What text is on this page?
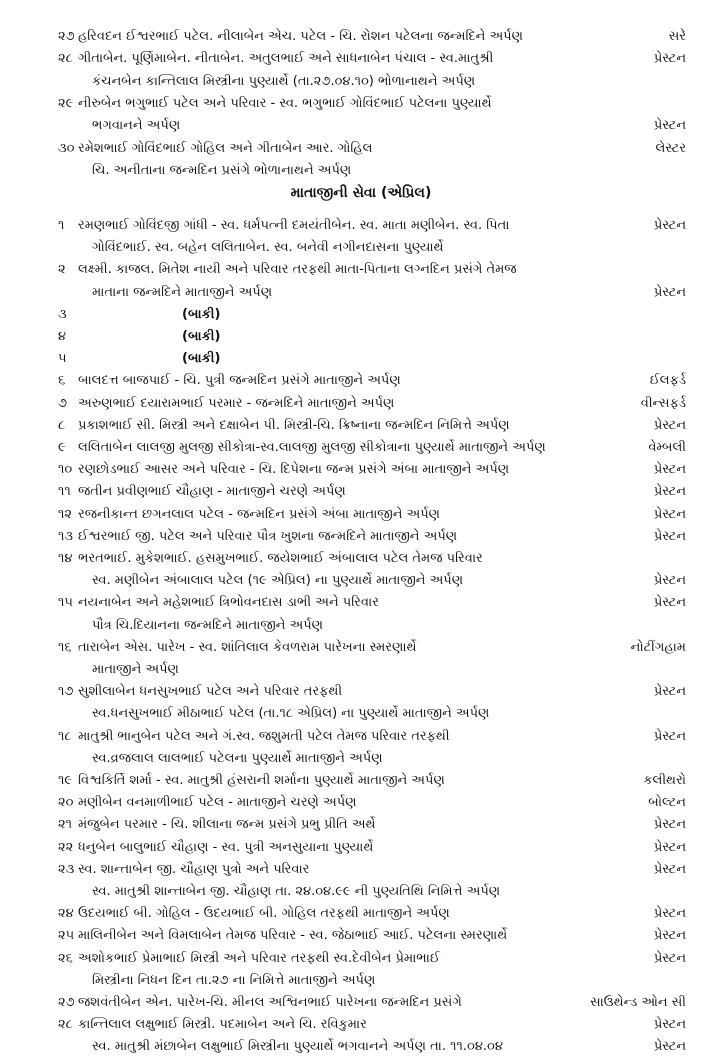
૨૭ હરિવદન ઈશ્વરભાઈ પટેલ. નીલાબેન એચ. પટેલ - ચિ. રોશન પટેલના જન્મદિને અર્પણ	સરે
૨૮ ગીતાબેન. પૂર્ણિમાબેન. નીતાબેન. અતુલભાઈ અને સાધનાબેન પંચાલ - સ્વ.માતુશ્રી	પ્રેસ્ટન
કંચનબેન કાન્તિલાલ મિસ્ત્રીના પુણ્યાર્થે (તા.૨૭.૦૪.૧૦) ભોળાનાથને અર્પણ
૨૯ નીરુબેન ભગુભાઈ પટેલ અને પરિવાર - સ્વ. ભગુભાઈ ગોવિંદભાઈ પટેલના પુણ્યાર્થે
ભગવાનને અર્પણ	પ્રેસ્ટન
૩૦ રમેશભાઈ ગોવિંદભાઈ ગોહિલ અને ગીતાબેન આર. ગોહિલ	લેસ્ટર
ચિ. અનીતાના જન્મદિન પ્રસંગે ભોળાનાથને અર્પણ
માતાજીની સેવા (એપ્રિલ)
૧ રમણભાઈ ગોવિંદજી ગાંધી - સ્વ. ધર્મપત્ની દમયંતીબેન. સ્વ. માતા મણીબેન. સ્વ. પિતા	પ્રેસ્ટન
ગોવિંદભાઈ. સ્વ. બહેન લલિતાબેન. સ્વ. બનેવી નગીનદાસના પુણ્યાર્થે
૨ લક્ષ્મી. કાજલ. મિતેશ નાયી અને પરિવાર તરફથી માતા-પિતાના લગ્નદિન પ્રસંગે તેમજ
માતાના જન્મદિને માતાજીને અર્પણ	પ્રેસ્ટન
૩	(બાકી)
૪	(બાકી)
૫	(બાકી)
૬ બાલદત્ત બાજપાઈ - ચિ. પુત્રી જન્મદિન પ્રસંગે માતાજીને અર્પણ	ઈલફર્ડ
૭ અરુણભાઈ દયારામભાઈ પરમાર - જન્મદિને માતાજીને અર્પણ	વીન્સફર્ડ
૮ પ્રકાશભાઈ સી. મિસ્ત્રી અને દક્ષાબેન પી. મિસ્ત્રી-ચિ. ક્રિષ્નાના જન્મદિન નિમિત્તે અર્પણ	પ્રેસ્ટન
૯ લલિતાબેન લાલજી મુલજી સીકોત્રા-સ્વ.લાલજી મુલજી સીકોત્રાના પુણ્યાર્થે માતાજીને અર્પણ	વેમ્બલી
૧૦ રણછોડભાઈ આસર અને પરિવાર - ચિ. દિપેશના જન્મ પ્રસંગે અંબા માતાજીને અર્પણ	પ્રેસ્ટન
૧૧ જતીન પ્રવીણભાઈ ચૌહાણ - માતાજીને ચરણે અર્પણ	પ્રેસ્ટન
૧૨ રજનીકાન્ત છગનલાલ પટેલ - જન્મદિન પ્રસંગે અંબા માતાજીને અર્પણ	પ્રેસ્ટન
૧૩ ઈશ્વરભાઈ જી. પટેલ અને પરિવાર પૌત્ર ખુશના જન્મદિને માતાજીને અર્પણ	પ્રેસ્ટન
૧૪ ભરતભાઈ. મુકેશભાઈ. હસમુખભાઈ. જયેશભાઈ અંબાલાલ પટેલ તેમજ પરિવાર
સ્વ. મણીબેન અંબાલાલ પટેલ (૧૯ એપ્રિલ) ના પુણ્યાર્થે માતાજીને અર્પણ	પ્રેસ્ટન
૧૫ નયનાબેન અને મહેશભાઈ ત્રિભોવનદાસ ડાભી અને પરિવાર	પ્રેસ્ટન
પૌત્ર ચિ.દિયાનના જન્મદિને માતાજીને અર્પણ
૧૬ તારાબેન એસ. પારેખ - સ્વ. શાંતિલાલ કેવળરામ પારેખના સ્મરણાર્થે	નોટીંગહામ
માતાજીને અર્પણ
૧૭ સુશીલાબેન ધનસુખભાઈ પટેલ અને પરિવાર તરફથી	પ્રેસ્ટન
સ્વ.ધનસુખભાઈ મીઠાભાઈ પટેલ (તા.૧૮ એપ્રિલ) ના પુણ્યાર્થે માતાજીને અર્પણ
૧૮ માતુશ્રી ભાનુબેન પટેલ અને ગં.સ્વ. જશુમતી પટેલ તેમજ પરિવાર તરફથી	પ્રેસ્ટન
સ્વ.વ્રજલાલ લાલભાઈ પટેલના પુણ્યાર્થે માતાજીને અર્પણ
૧૯ વિશ્વકિર્તિ શર્મા - સ્વ. માતુશ્રી હંસરાની શર્માના પુણ્યાર્થે માતાજીને અર્પણ	કલીથરો
૨૦ મણીબેન વનમાળીભાઈ પટેલ - માતાજીને ચરણે અર્પણ	બોલ્ટન
૨૧ મંજુબેન પરમાર - ચિ. શીલાના જન્મ પ્રસંગે પ્રભુ પ્રીતિ અર્થે	પ્રેસ્ટન
૨૨ ધનુબેન બાલુભાઈ ચૌહાણ - સ્વ. પુત્રી અનસુયાના પુણ્યાર્થે	પ્રેસ્ટન
૨૩ સ્વ. શાન્તાબેન જી. ચૌહાણ પુત્રો અને પરિવાર	પ્રેસ્ટન
સ્વ. માતુશ્રી શાન્તાબેન જી. ચૌહાણ તા. ૨૪.૦૪.૯૯ ની પુણ્યતિથિ નિમિત્તે અર્પણ
૨૪ ઉદયભાઈ બી. ગોહિલ - ઉદયભાઈ બી. ગોહિલ તરફથી માતાજીને અર્પણ	પ્રેસ્ટન
૨૫ માલિનીબેન અને વિમલાબેન તેમજ પરિવાર - સ્વ. જેઠાભાઈ આઈ. પટેલના સ્મરણાર્થે	પ્રેસ્ટન
૨૬ અશોકભાઈ પ્રેમાભાઈ મિસ્ત્રી અને પરિવાર તરફથી સ્વ.દેવીબેન પ્રેમાભાઈ	પ્રેસ્ટન
મિસ્ત્રીના નિધન દિન તા.૨૭ ના નિમિત્તે માતાજીને અર્પણ
૨૭ જશવંતીબેન એન. પારેખ-ચિ. મીનલ અશ્વિનભાઈ પારેખના જન્મદિન પ્રસંગે	સાઉથેન્ડ ઓન સી
૨૮ કાન્તિલાલ લક્ષુભાઈ મિસ્ત્રી. પદમાબેન અને ચિ. રવિકુમાર	પ્રેસ્ટન
સ્વ. માતુશ્રી મંછાબેન લક્ષુભાઈ મિસ્ત્રીના પુણ્યાર્થે ભગવાનને અર્પણ તા. ૧૧.૦૪.૦૪	પ્રેસ્ટન
